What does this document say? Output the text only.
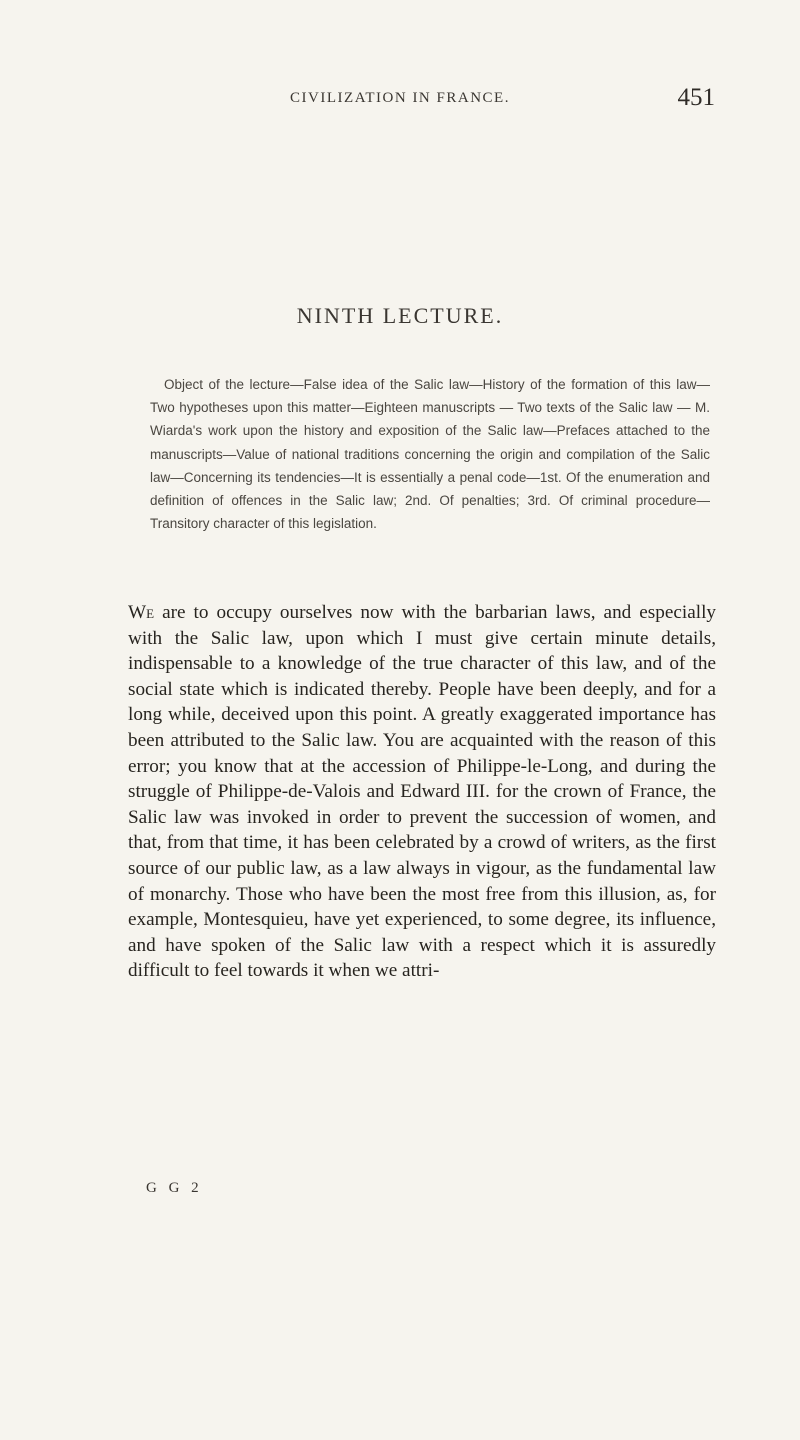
CIVILIZATION IN FRANCE.	451
NINTH LECTURE.

Object of the lecture—False idea of the Salic law—History of the formation of this law—Two hypotheses upon this matter—Eighteen manuscripts — Two texts of the Salic law — M. Wiarda's work upon the history and exposition of the Salic law—Prefaces attached to the manuscripts—Value of national traditions concerning the origin and compilation of the Salic law—Concerning its tendencies—It is essentially a penal code—1st. Of the enumeration and definition of offences in the Salic law; 2nd. Of penalties; 3rd. Of criminal procedure—Transitory character of this legislation.

We are to occupy ourselves now with the barbarian laws, and especially with the Salic law, upon which I must give certain minute details, indispensable to a knowledge of the true character of this law, and of the social state which is indicated thereby. People have been deeply, and for a long while, deceived upon this point. A greatly exaggerated importance has been attributed to the Salic law. You are acquainted with the reason of this error; you know that at the accession of Philippe-le-Long, and during the struggle of Philippe-de-Valois and Edward III. for the crown of France, the Salic law was invoked in order to prevent the succession of women, and that, from that time, it has been celebrated by a crowd of writers, as the first source of our public law, as a law always in vigour, as the fundamental law of monarchy. Those who have been the most free from this illusion, as, for example, Montesquieu, have yet experienced, to some degree, its influence, and have spoken of the Salic law with a respect which it is assuredly difficult to feel towards it when we attri-

G G 2
